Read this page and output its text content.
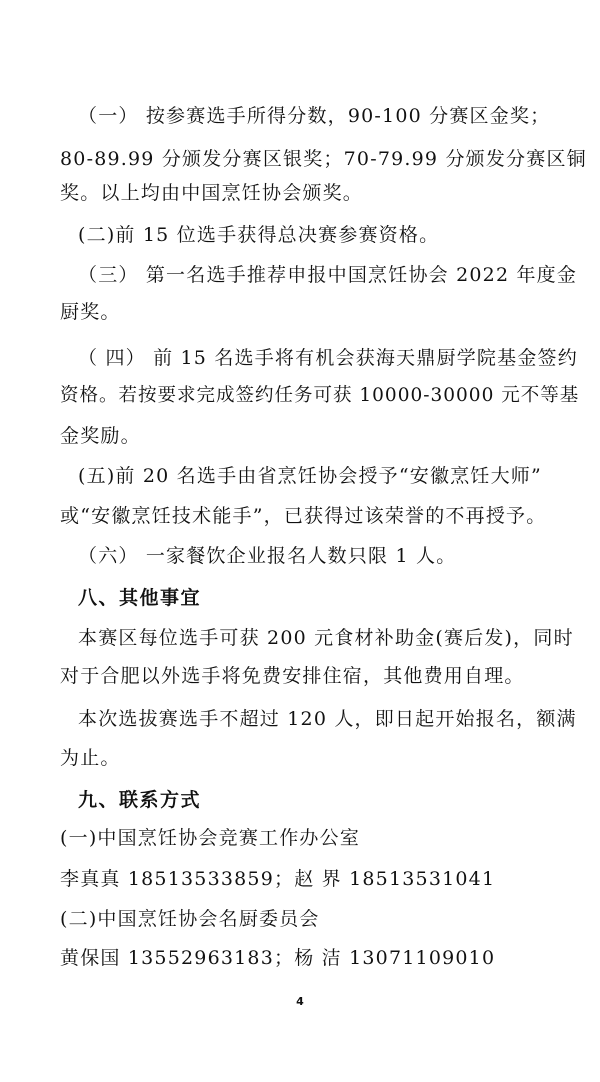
（一） 按参赛选手所得分数，90-100 分赛区金奖；
80-89.99 分颁发分赛区银奖；70-79.99 分颁发分赛区铜
奖。以上均由中国烹饪协会颁奖。
(二)前 15 位选手获得总决赛参赛资格。
（三） 第一名选手推荐申报中国烹饪协会 2022 年度金
厨奖。
（ 四） 前 15 名选手将有机会获海天鼎厨学院基金签约
资格。若按要求完成签约任务可获 10000-30000 元不等基
金奖励。
(五)前 20 名选手由省烹饪协会授予“安徽烹饪大师”
或“安徽烹饪技术能手”，已获得过该荣誉的不再授予。
（六） 一家餐饮企业报名人数只限 1 人。
八、其他事宜
本赛区每位选手可获 200 元食材补助金(赛后发)，同时
对于合肥以外选手将免费安排住宿，其他费用自理。
本次选拔赛选手不超过 120 人，即日起开始报名，额满
为止。
九、联系方式
(一)中国烹饪协会竞赛工作办公室
李真真 18513533859；赵 界 18513531041
(二)中国烹饪协会名厨委员会
黄保国 13552963183；杨 洁 13071109010
4
